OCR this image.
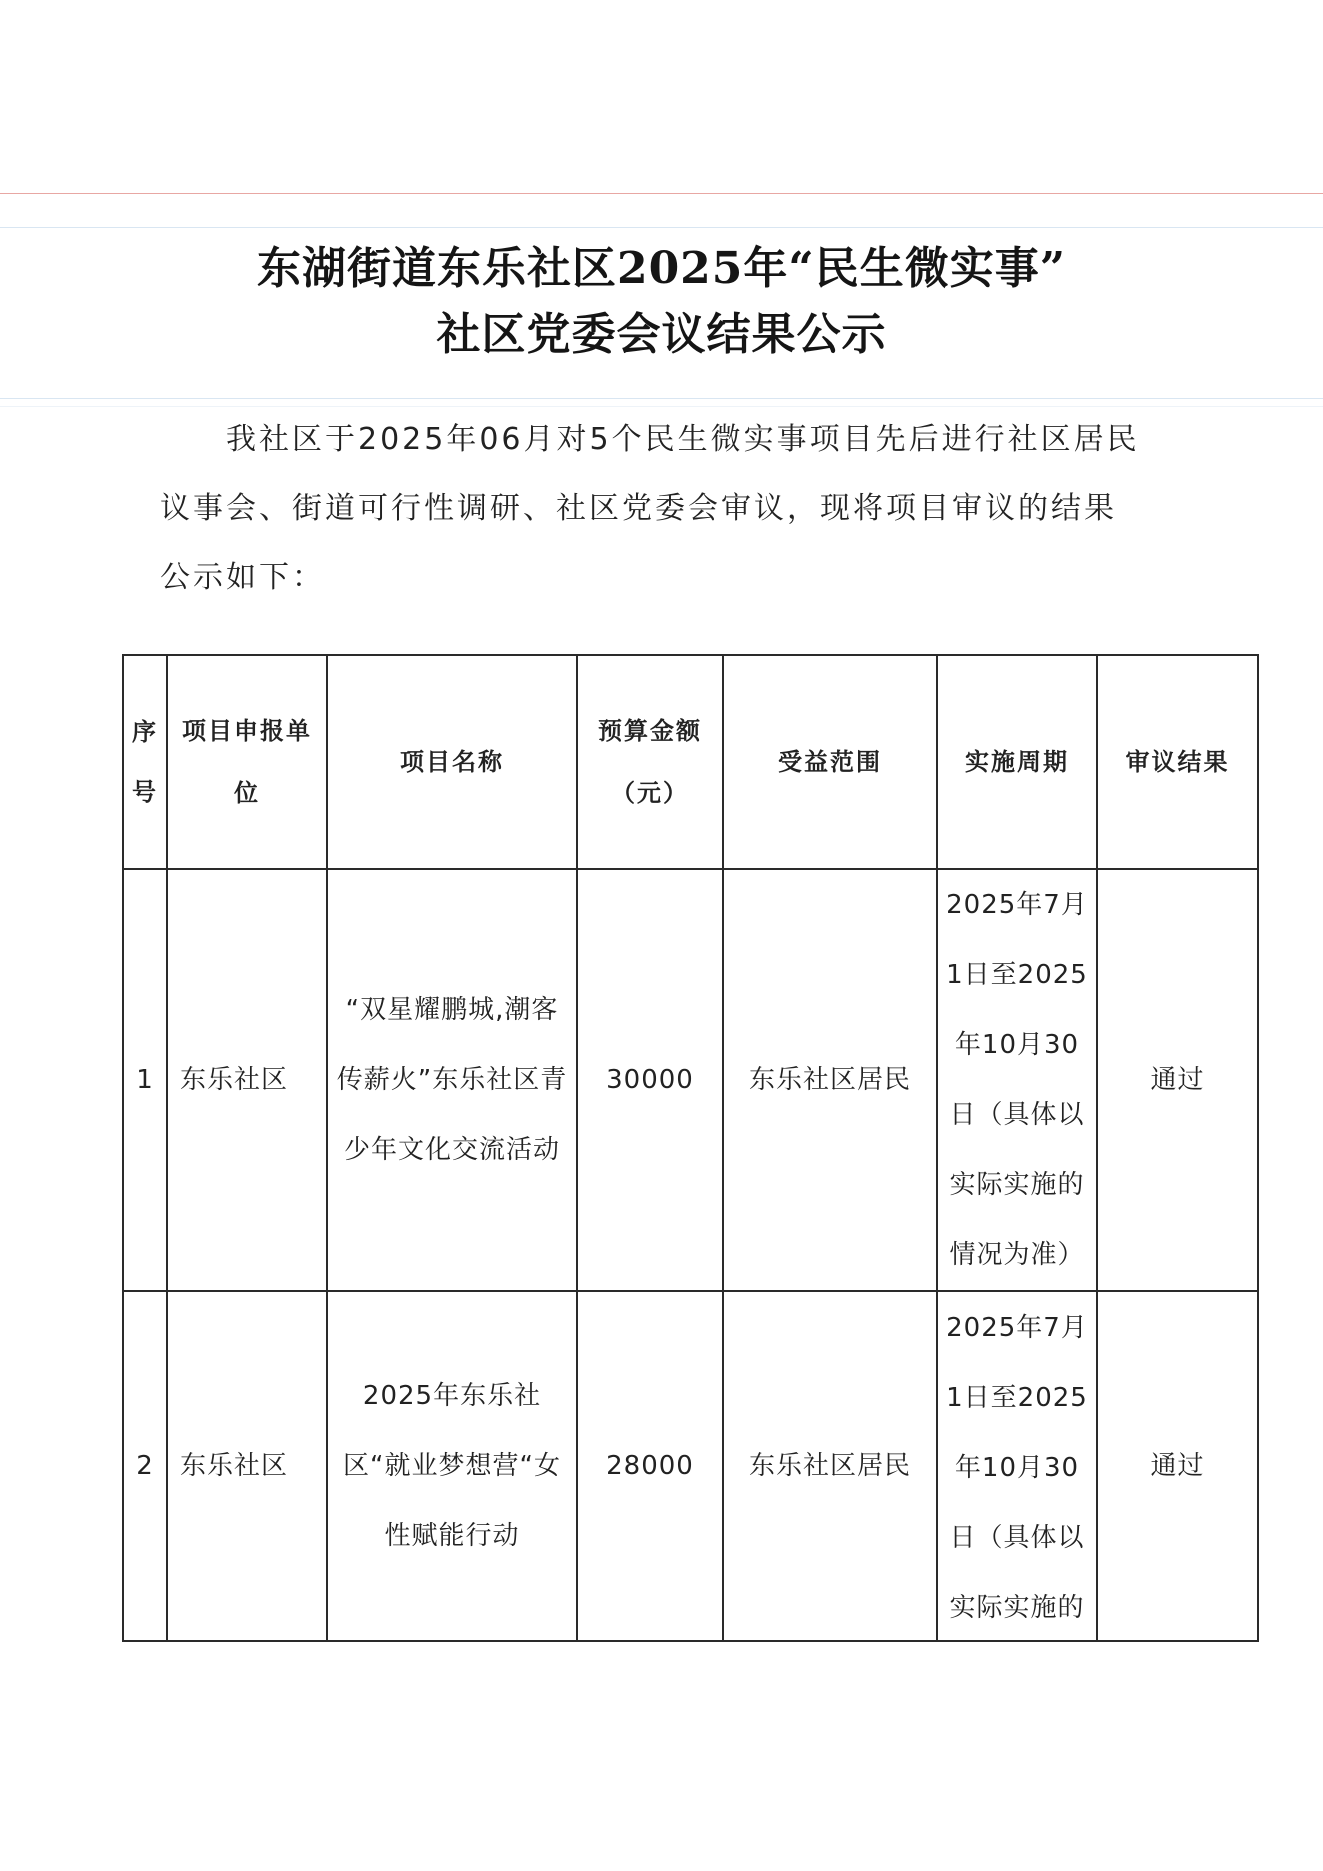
东湖街道东乐社区2025年“民生微实事”
社区党委会议结果公示
我社区于2025年06月对5个民生微实事项目先后进行社区居民议事会、街道可行性调研、社区党委会审议，现将项目审议的结果公示如下：
序号	项目申报单位	项目名称	预算金额（元）	受益范围	实施周期	审议结果
1	东乐社区	“双星耀鹏城,潮客传薪火”东乐社区青少年文化交流活动	30000	东乐社区居民	2025年7月1日至2025年10月30日（具体以实际实施的情况为准）	通过
2	东乐社区	2025年东乐社区“就业梦想营“女性赋能行动	28000	东乐社区居民	2025年7月1日至2025年10月30日（具体以实际实施的	通过
